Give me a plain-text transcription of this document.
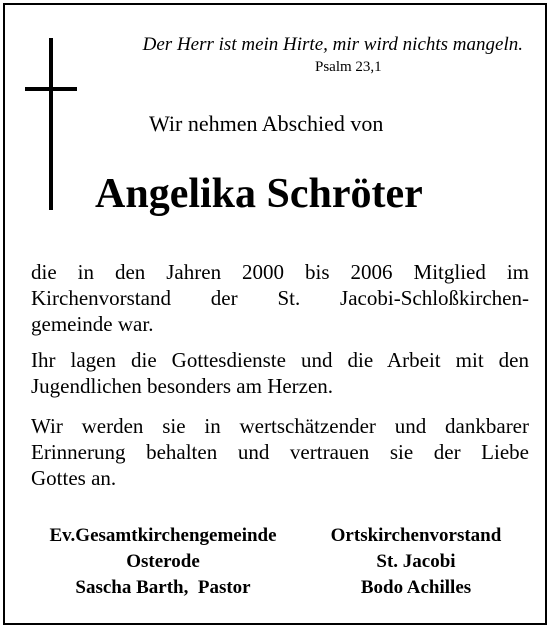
Der Herr ist mein Hirte, mir wird nichts mangeln.
Psalm 23,1
Wir nehmen Abschied von
Angelika Schröter

die in den Jahren 2000 bis 2006 Mitglied im
Kirchenvorstand der St. Jacobi-Schloßkirchen-
gemeinde war.

Ihr lagen die Gottesdienste und die Arbeit mit den
Jugendlichen besonders am Herzen.

Wir werden sie in wertschätzender und dankbarer
Erinnerung behalten und vertrauen sie der Liebe
Gottes an.

Ev.Gesamtkirchengemeinde
Osterode
Sascha Barth,  Pastor
Ortskirchenvorstand
St. Jacobi
Bodo Achilles
